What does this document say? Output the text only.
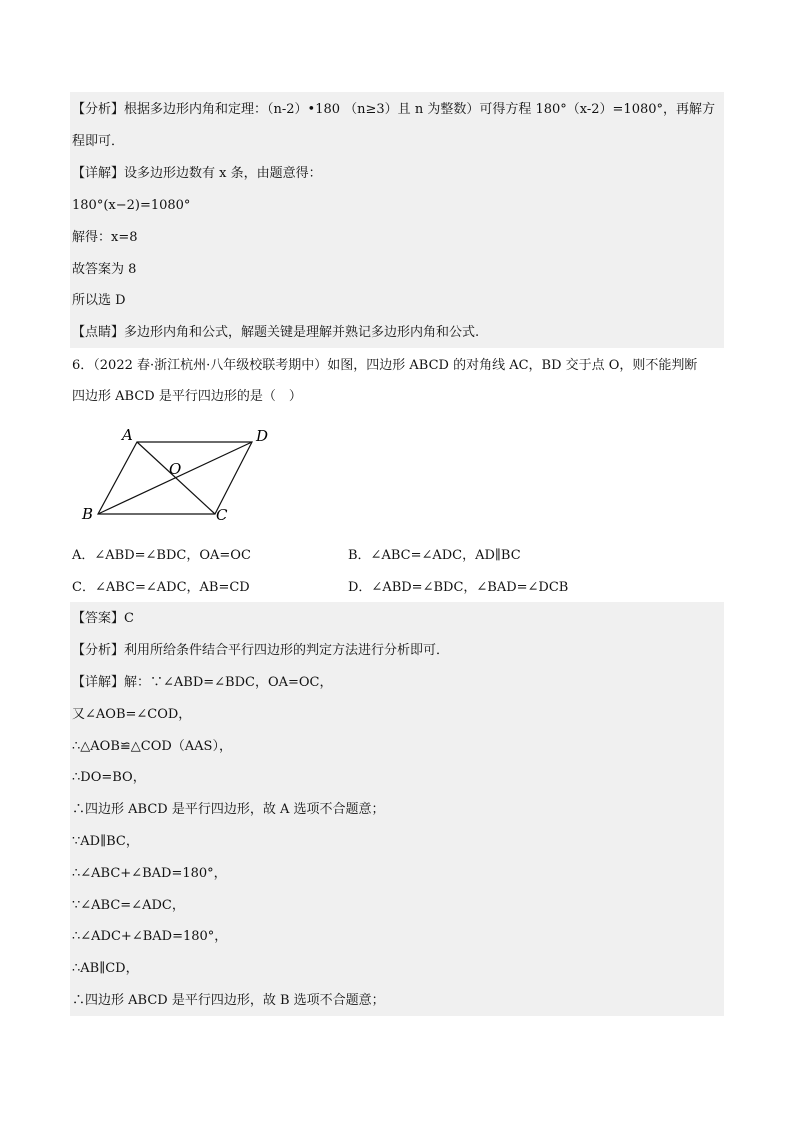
【分析】根据多边形内角和定理：（n-2）•180 （n≥3）且 n 为整数）可得方程 180°（x-2）=1080°，再解方
程即可．
【详解】设多边形边数有 x 条，由题意得：
180°(x−2)=1080°
解得：x=8
故答案为 8
所以选 D
【点睛】多边形内角和公式，解题关键是理解并熟记多边形内角和公式.
6．（2022 春·浙江杭州·八年级校联考期中）如图，四边形 ABCD 的对角线 AC，BD 交于点 O，则不能判断
四边形 ABCD 是平行四边形的是（　）
A	D
O
B	C
A．∠ABD=∠BDC，OA=OC	B．∠ABC=∠ADC，AD∥BC
C．∠ABC=∠ADC，AB=CD	D．∠ABD=∠BDC，∠BAD=∠DCB
【答案】C
【分析】利用所给条件结合平行四边形的判定方法进行分析即可．
【详解】解：∵∠ABD=∠BDC，OA=OC，
又∠AOB=∠COD，
∴△AOB≌△COD（AAS），
∴DO=BO，
∴四边形 ABCD 是平行四边形，故 A 选项不合题意；
∵AD∥BC，
∴∠ABC+∠BAD=180°，
∵∠ABC=∠ADC，
∴∠ADC+∠BAD=180°，
∴AB∥CD，
∴四边形 ABCD 是平行四边形，故 B 选项不合题意；
